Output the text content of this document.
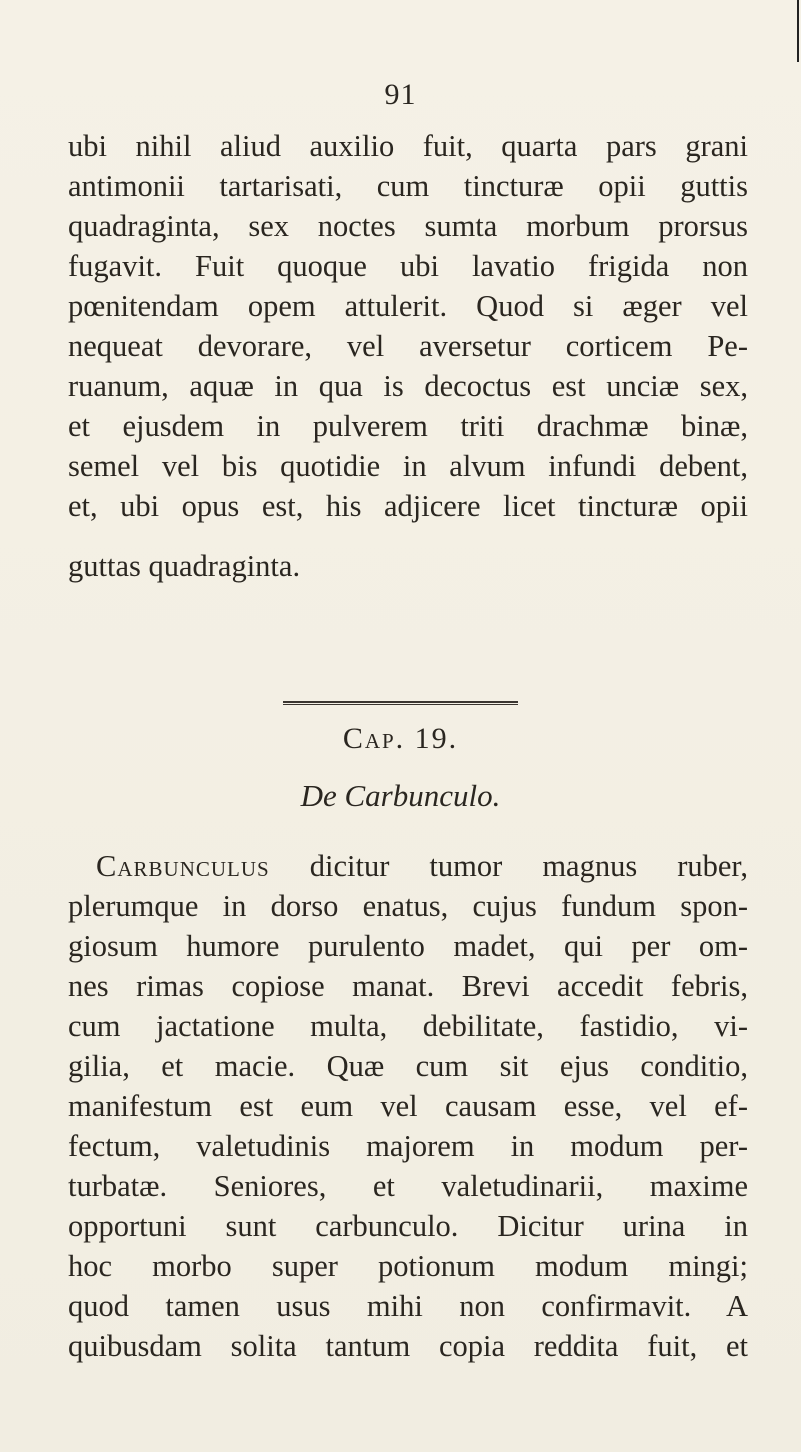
91
ubi nihil aliud auxilio fuit, quarta pars grani
antimonii tartarisati, cum tincturæ opii guttis
quadraginta, sex noctes sumta morbum prorsus
fugavit. Fuit quoque ubi lavatio frigida non
pœnitendam opem attulerit. Quod si æger vel
nequeat devorare, vel aversetur corticem Pe-
ruanum, aquæ in qua is decoctus est unciæ sex,
et ejusdem in pulverem triti drachmæ binæ,
semel vel bis quotidie in alvum infundi debent,
et, ubi opus est, his adjicere licet tincturæ opii
guttas quadraginta.
Cap. 19.
De Carbunculo.
Carbunculus dicitur tumor magnus ruber,
plerumque in dorso enatus, cujus fundum spon-
giosum humore purulento madet, qui per om-
nes rimas copiose manat. Brevi accedit febris,
cum jactatione multa, debilitate, fastidio, vi-
gilia, et macie. Quæ cum sit ejus conditio,
manifestum est eum vel causam esse, vel ef-
fectum, valetudinis majorem in modum per-
turbatæ. Seniores, et valetudinarii, maxime
opportuni sunt carbunculo. Dicitur urina in
hoc morbo super potionum modum mingi;
quod tamen usus mihi non confirmavit. A
quibusdam solita tantum copia reddita fuit, et
